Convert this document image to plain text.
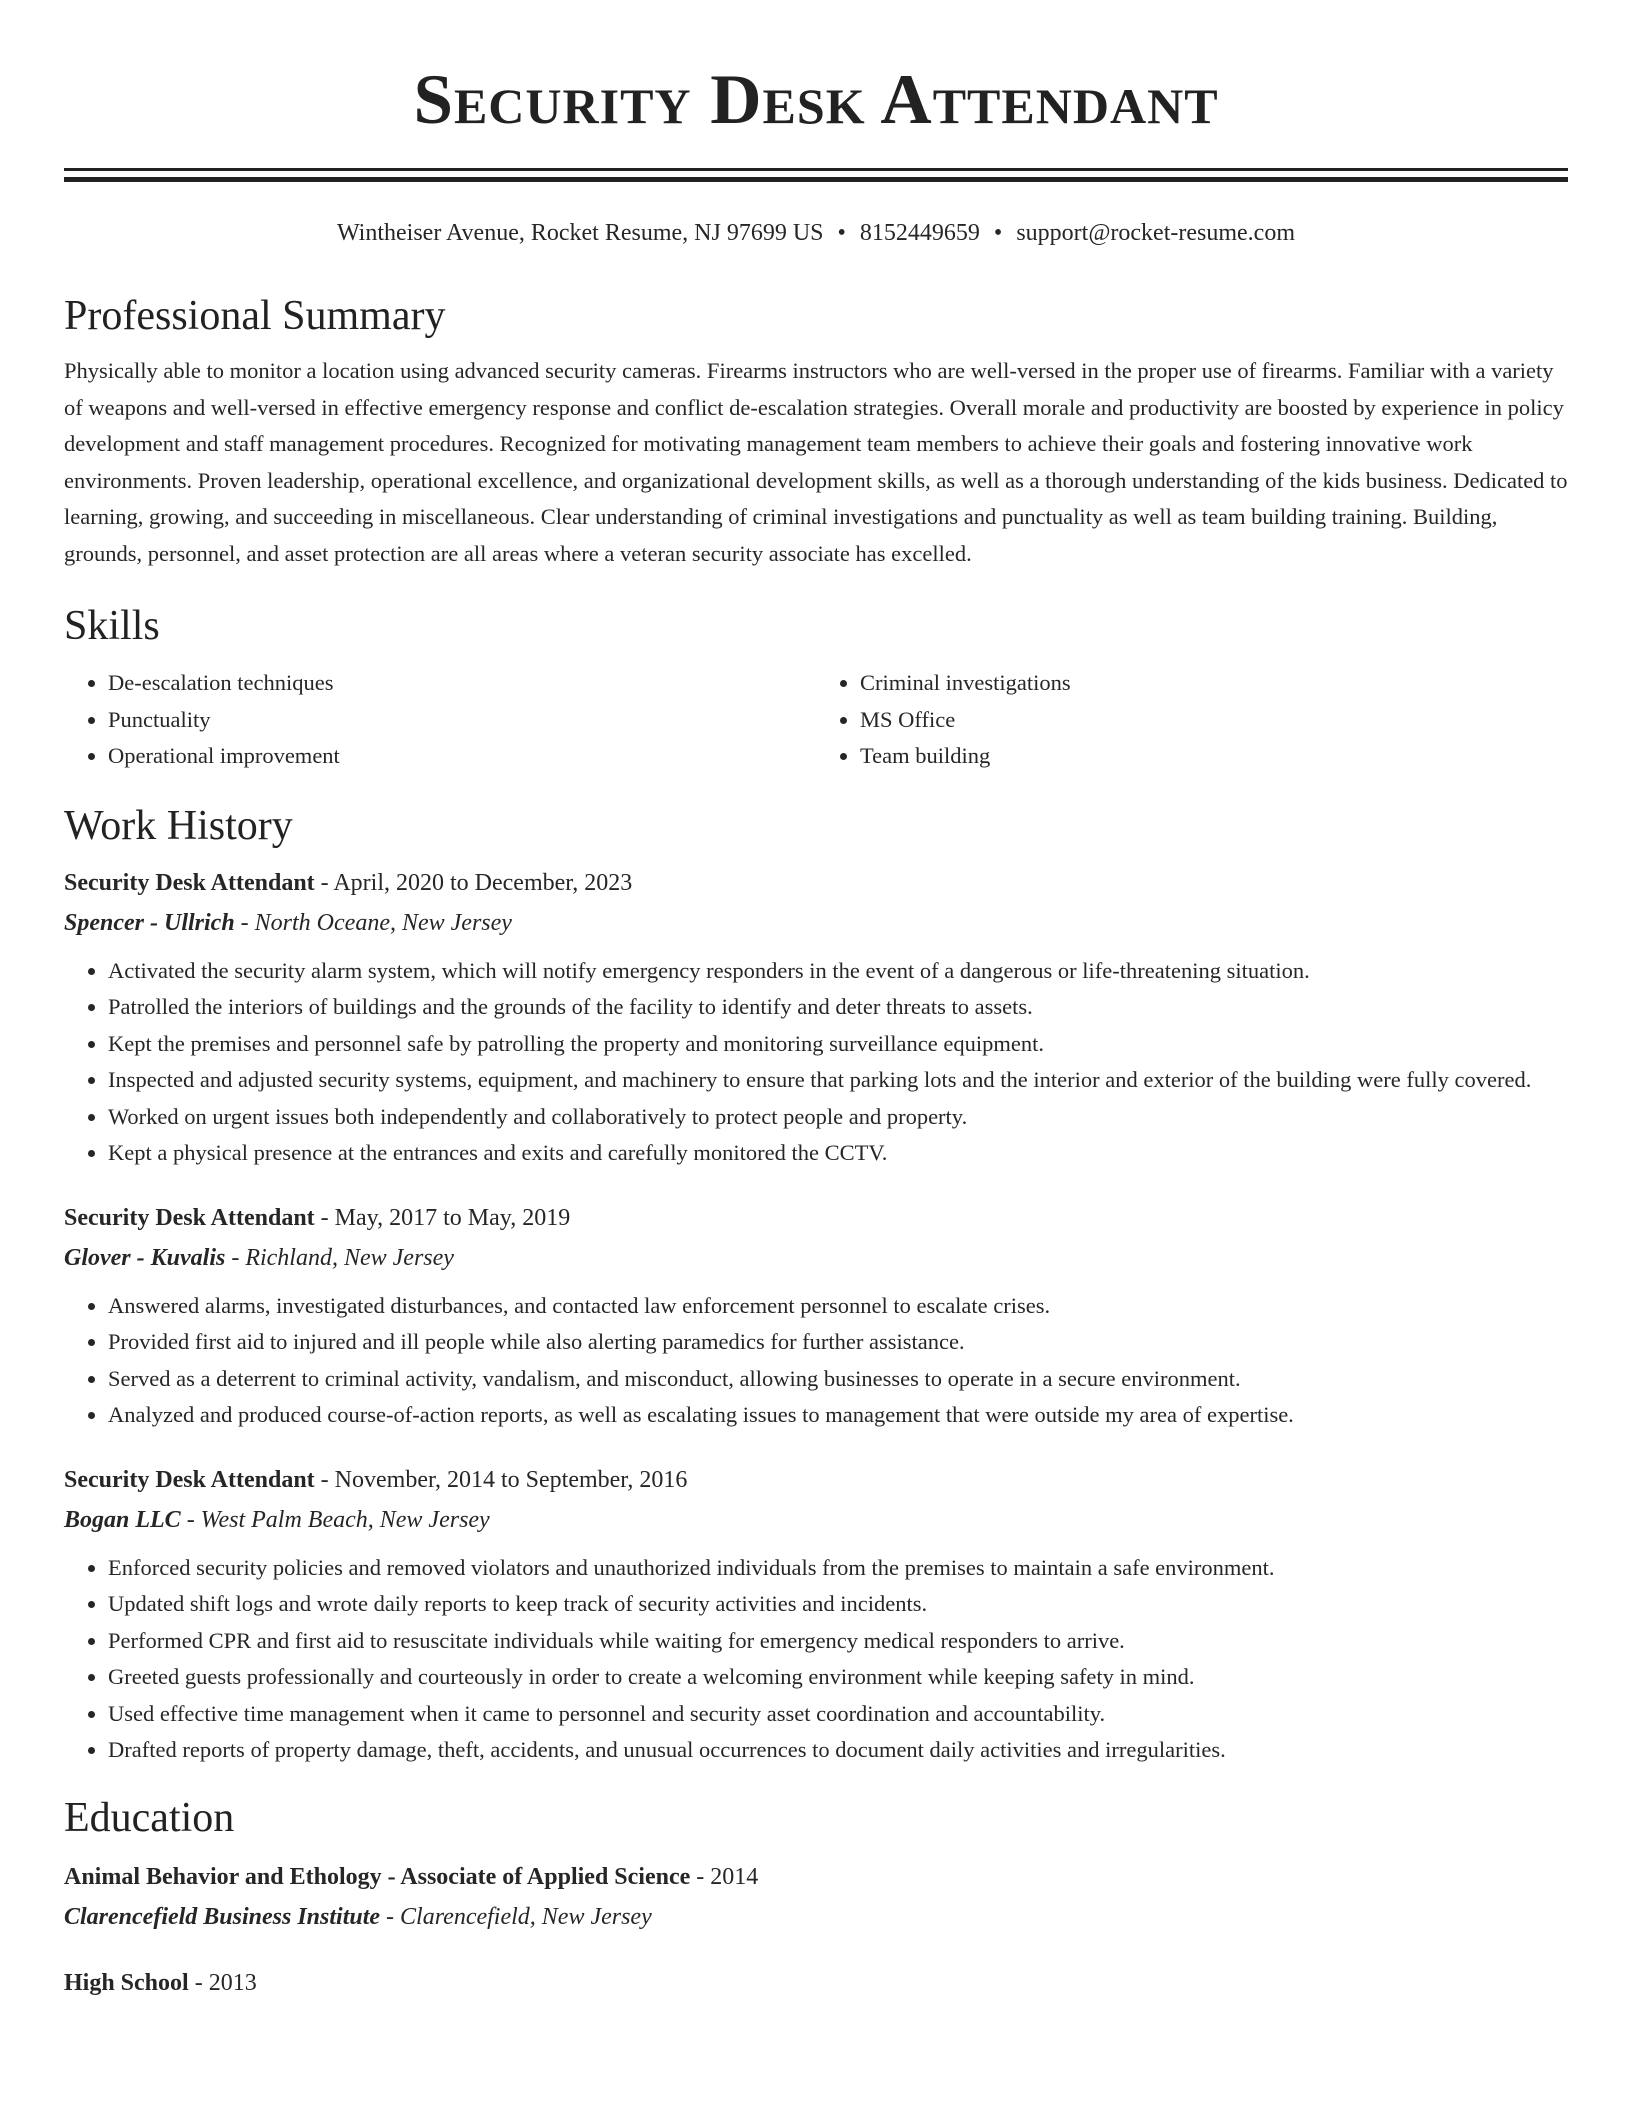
Security Desk Attendant
Wintheiser Avenue, Rocket Resume, NJ 97699 US • 8152449659 • support@rocket-resume.com
Professional Summary

Physically able to monitor a location using advanced security cameras. Firearms instructors who are well-versed in the proper use of firearms. Familiar with a variety of weapons and well-versed in effective emergency response and conflict de-escalation strategies. Overall morale and productivity are boosted by experience in policy development and staff management procedures. Recognized for motivating management team members to achieve their goals and fostering innovative work environments. Proven leadership, operational excellence, and organizational development skills, as well as a thorough understanding of the kids business. Dedicated to learning, growing, and succeeding in miscellaneous. Clear understanding of criminal investigations and punctuality as well as team building training. Building, grounds, personnel, and asset protection are all areas where a veteran security associate has excelled.

Skills
• De-escalation techniques
• Punctuality
• Operational improvement
• Criminal investigations
• MS Office
• Team building
Work History
Security Desk Attendant - April, 2020 to December, 2023
Spencer - Ullrich - North Oceane, New Jersey
• Activated the security alarm system, which will notify emergency responders in the event of a dangerous or life-threatening situation.
• Patrolled the interiors of buildings and the grounds of the facility to identify and deter threats to assets.
• Kept the premises and personnel safe by patrolling the property and monitoring surveillance equipment.
• Inspected and adjusted security systems, equipment, and machinery to ensure that parking lots and the interior and exterior of the building were fully covered.
• Worked on urgent issues both independently and collaboratively to protect people and property.
• Kept a physical presence at the entrances and exits and carefully monitored the CCTV.
Security Desk Attendant - May, 2017 to May, 2019
Glover - Kuvalis - Richland, New Jersey
• Answered alarms, investigated disturbances, and contacted law enforcement personnel to escalate crises.
• Provided first aid to injured and ill people while also alerting paramedics for further assistance.
• Served as a deterrent to criminal activity, vandalism, and misconduct, allowing businesses to operate in a secure environment.
• Analyzed and produced course-of-action reports, as well as escalating issues to management that were outside my area of expertise.
Security Desk Attendant - November, 2014 to September, 2016
Bogan LLC - West Palm Beach, New Jersey
• Enforced security policies and removed violators and unauthorized individuals from the premises to maintain a safe environment.
• Updated shift logs and wrote daily reports to keep track of security activities and incidents.
• Performed CPR and first aid to resuscitate individuals while waiting for emergency medical responders to arrive.
• Greeted guests professionally and courteously in order to create a welcoming environment while keeping safety in mind.
• Used effective time management when it came to personnel and security asset coordination and accountability.
• Drafted reports of property damage, theft, accidents, and unusual occurrences to document daily activities and irregularities.
Education
Animal Behavior and Ethology - Associate of Applied Science - 2014
Clarencefield Business Institute - Clarencefield, New Jersey
High School - 2013
